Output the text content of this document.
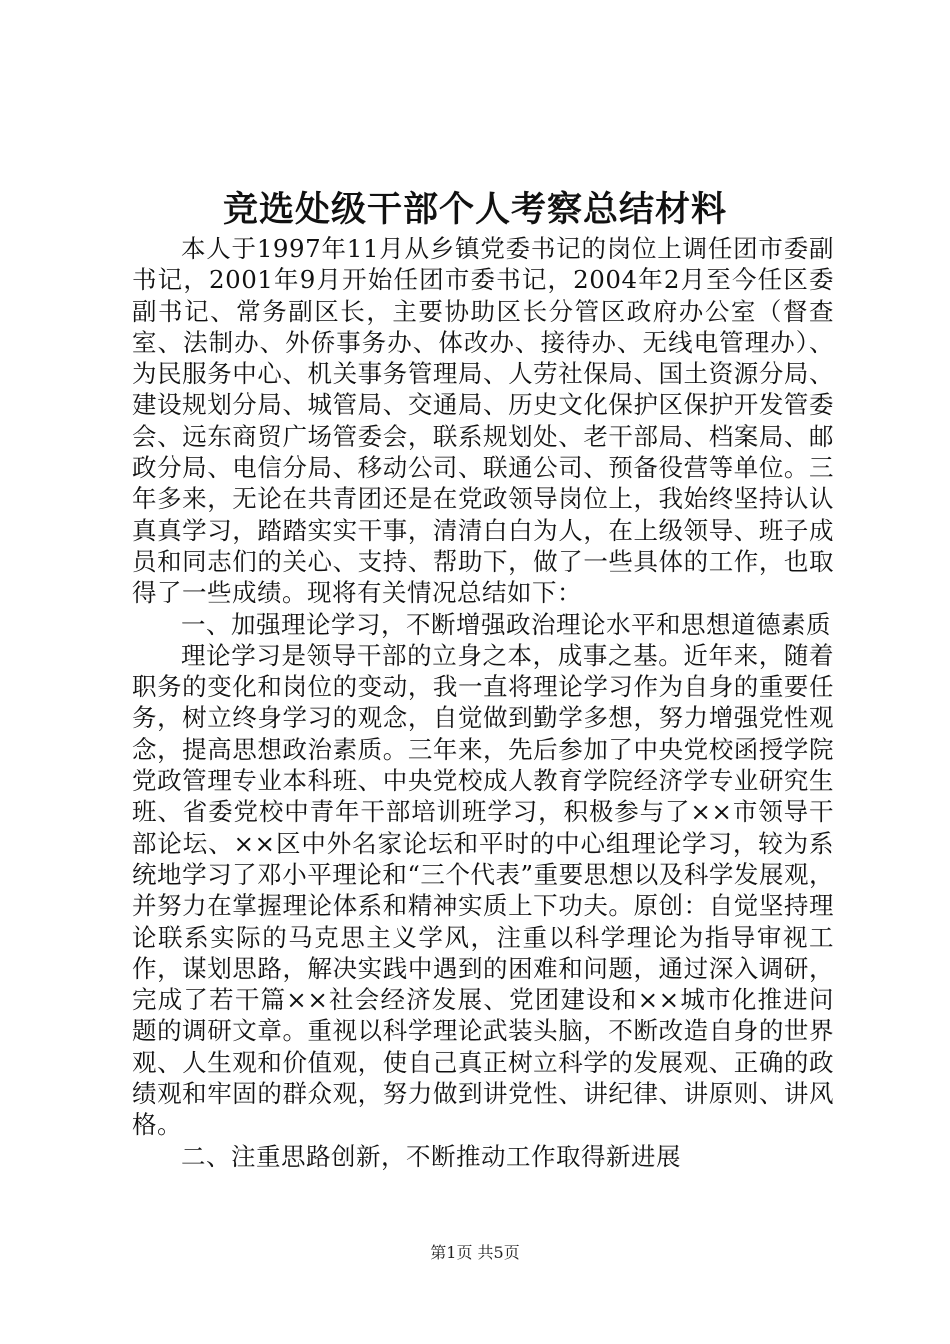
竞选处级干部个人考察总结材料

本人于1997年11月从乡镇党委书记的岗位上调任团市委副书记，2001年9月开始任团市委书记，2004年2月至今任区委副书记、常务副区长，主要协助区长分管区政府办公室（督查室、法制办、外侨事务办、体改办、接待办、无线电管理办）、为民服务中心、机关事务管理局、人劳社保局、国土资源分局、建设规划分局、城管局、交通局、历史文化保护区保护开发管委会、远东商贸广场管委会，联系规划处、老干部局、档案局、邮政分局、电信分局、移动公司、联通公司、预备役营等单位。三年多来，无论在共青团还是在党政领导岗位上，我始终坚持认认真真学习，踏踏实实干事，清清白白为人，在上级领导、班子成员和同志们的关心、支持、帮助下，做了一些具体的工作，也取得了一些成绩。现将有关情况总结如下：

一、加强理论学习，不断增强政治理论水平和思想道德素质

理论学习是领导干部的立身之本，成事之基。近年来，随着职务的变化和岗位的变动，我一直将理论学习作为自身的重要任务，树立终身学习的观念，自觉做到勤学多想，努力增强党性观念，提高思想政治素质。三年来，先后参加了中央党校函授学院党政管理专业本科班、中央党校成人教育学院经济学专业研究生班、省委党校中青年干部培训班学习，积极参与了××市领导干部论坛、××区中外名家论坛和平时的中心组理论学习，较为系统地学习了邓小平理论和“三个代表”重要思想以及科学发展观，并努力在掌握理论体系和精神实质上下功夫。原创：自觉坚持理论联系实际的马克思主义学风，注重以科学理论为指导审视工作，谋划思路，解决实践中遇到的困难和问题，通过深入调研，完成了若干篇××社会经济发展、党团建设和××城市化推进问题的调研文章。重视以科学理论武装头脑，不断改造自身的世界观、人生观和价值观，使自己真正树立科学的发展观、正确的政绩观和牢固的群众观，努力做到讲党性、讲纪律、讲原则、讲风格。

二、注重思路创新，不断推动工作取得新进展

第1页 共5页
